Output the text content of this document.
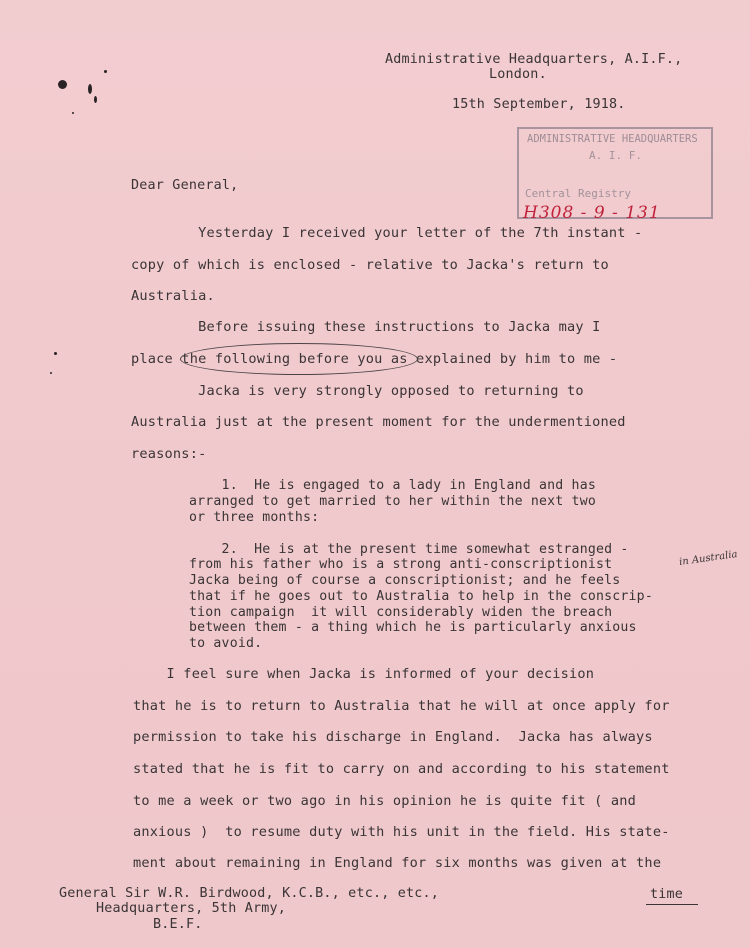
Administrative Headquarters, A.I.F.,
London.
15th September, 1918.
ADMINISTRATIVE HEADQUARTERS
A. I. F.
Central Registry
H308 - 9 - 131
Dear General,
Yesterday I received your letter of the 7th instant -
copy of which is enclosed - relative to Jacka's return to
Australia.
Before issuing these instructions to Jacka may I
place the following before you as explained by him to me -
Jacka is very strongly opposed to returning to
Australia just at the present moment for the undermentioned
reasons:-
1.  He is engaged to a lady in England and has
arranged to get married to her within the next two
or three months:
2.  He is at the present time somewhat estranged -
from his father who is a strong anti-conscriptionist
Jacka being of course a conscriptionist; and he feels
that if he goes out to Australia to help in the conscrip-
tion campaign  it will considerably widen the breach
between them - a thing which he is particularly anxious
to avoid.
in Australia
I feel sure when Jacka is informed of your decision
that he is to return to Australia that he will at once apply for
permission to take his discharge in England.  Jacka has always
stated that he is fit to carry on and according to his statement
to me a week or two ago in his opinion he is quite fit ( and
anxious )  to resume duty with his unit in the field. His state-
ment about remaining in England for six months was given at the
General Sir W.R. Birdwood, K.C.B., etc., etc.,
Headquarters, 5th Army,
B.E.F.
time
